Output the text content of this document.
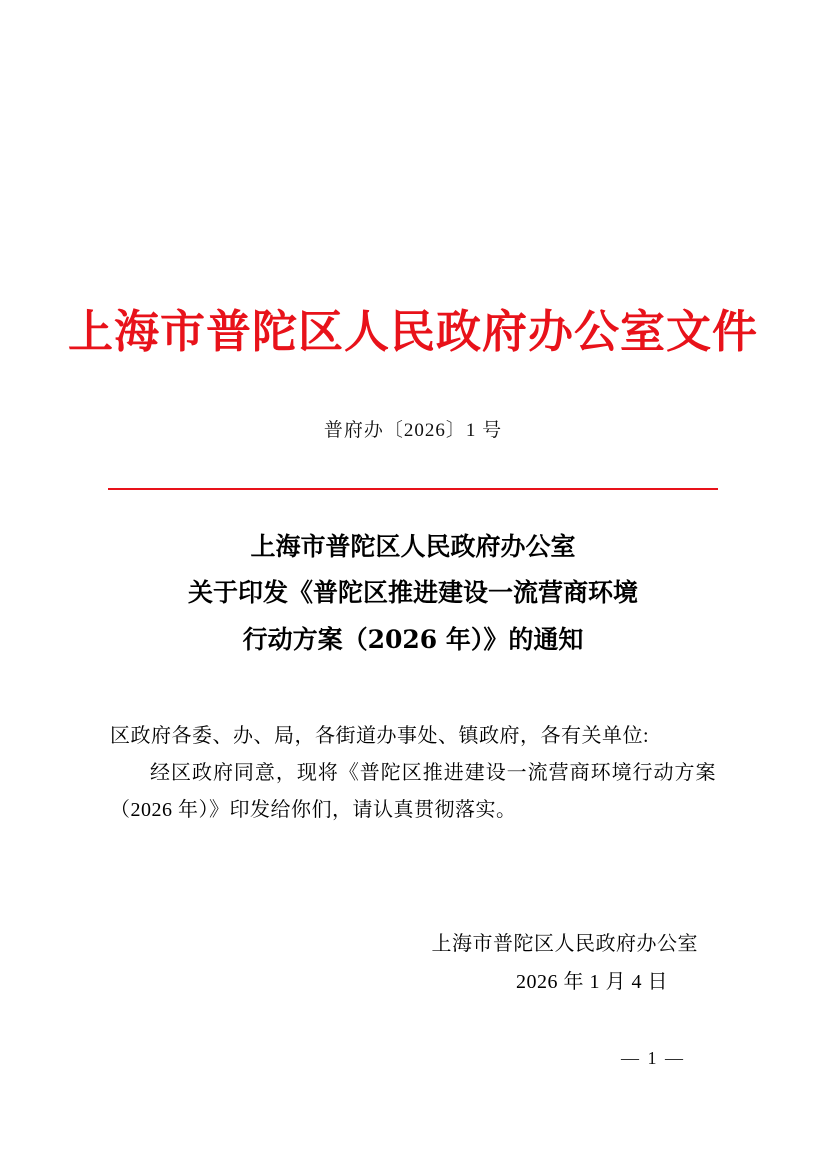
上海市普陀区人民政府办公室文件
普府办〔2026〕1 号
上海市普陀区人民政府办公室
关于印发《普陀区推进建设一流营商环境
行动方案（2026 年）》的通知

区政府各委、办、局，各街道办事处、镇政府，各有关单位:

经区政府同意，现将《普陀区推进建设一流营商环境行动方案（2026 年）》印发给你们，请认真贯彻落实。

上海市普陀区人民政府办公室
2026 年 1 月 4 日
— 1 —
